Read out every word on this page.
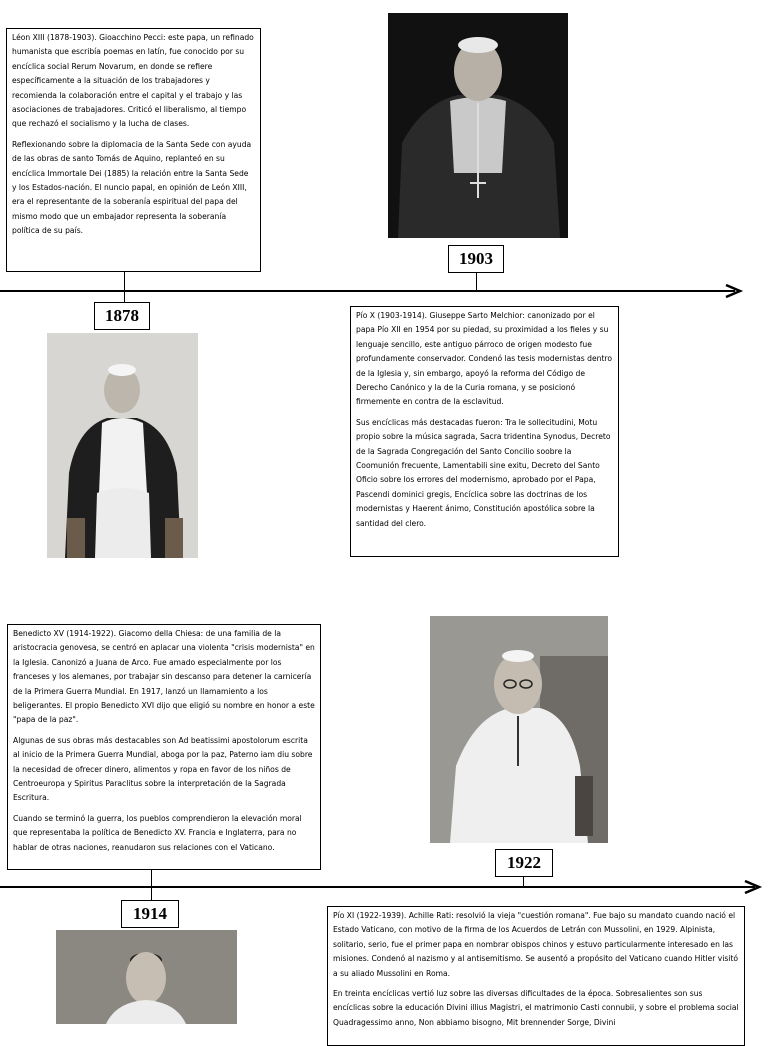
Léon XIII (1878-1903). Gioacchino Pecci: este papa, un refinado humanista que escribía poemas en latín, fue conocido por su encíclica social Rerum Novarum, en donde se refiere específicamente a la situación de los trabajadores y recomienda la colaboración entre el capital y el trabajo y las asociaciones de trabajadores. Criticó el liberalismo, al tiempo que rechazó el socialismo y la lucha de clases.

Reflexionando sobre la diplomacia de la Santa Sede con ayuda de las obras de santo Tomás de Aquino, replanteó en su encíclica Immortale Dei (1885) la relación entre la Santa Sede y los Estados-nación. El nuncio papal, en opinión de León XIII, era el representante de la soberanía espiritual del papa del mismo modo que un embajador representa la soberanía política de su país.

1878
1903

Pío X (1903-1914). Giuseppe Sarto Melchior: canonizado por el papa Pío XII en 1954 por su piedad, su proximidad a los fieles y su lenguaje sencillo, este antiguo párroco de origen modesto fue profundamente conservador. Condenó las tesis modernistas dentro de la Iglesia y, sin embargo, apoyó la reforma del Código de Derecho Canónico y la de la Curia romana, y se posicionó firmemente en contra de la esclavitud.

Sus encíclicas más destacadas fueron: Tra le sollecitudini, Motu propio sobre la música sagrada, Sacra tridentina Synodus, Decreto de la Sagrada Congregación del Santo Concilio soobre la Coomunión frecuente, Lamentabili sine exitu, Decreto del Santo Oficio sobre los errores del modernismo, aprobado por el Papa, Pascendi dominici gregis, Encíclica sobre las doctrinas de los modernistas y Haerent ánimo, Constitución apostólica sobre la santidad del clero.

Benedicto XV (1914-1922). Giacomo della Chiesa: de una familia de la aristocracia genovesa, se centró en aplacar una violenta "crisis modernista" en la Iglesia. Canonizó a Juana de Arco. Fue amado especialmente por los franceses y los alemanes, por trabajar sin descanso para detener la carnicería de la Primera Guerra Mundial. En 1917, lanzó un llamamiento a los beligerantes. El propio Benedicto XVI dijo que eligió su nombre en honor a este "papa de la paz".

Algunas de sus obras más destacables son Ad beatissimi apostolorum escrita al inicio de la Primera Guerra Mundial, aboga por la paz, Paterno iam diu sobre la necesidad de ofrecer dinero, alimentos y ropa en favor de los niños de Centroeuropa y Spiritus Paraclitus sobre la interpretación de la Sagrada Escritura.

Cuando se terminó la guerra, los pueblos comprendieron la elevación moral que representaba la política de Benedicto XV. Francia e Inglaterra, para no hablar de otras naciones, reanudaron sus relaciones con el Vaticano.

1914
1922

Pío XI (1922-1939). Achille Rati: resolvió la vieja "cuestión romana". Fue bajo su mandato cuando nació el Estado Vaticano, con motivo de la firma de los Acuerdos de Letrán con Mussolini, en 1929. Alpinista, solitario, serio, fue el primer papa en nombrar obispos chinos y estuvo particularmente interesado en las misiones. Condenó al nazismo y al antisemitismo. Se ausentó a propósito del Vaticano cuando Hitler visitó a su aliado Mussolini en Roma.

En treinta encíclicas vertió luz sobre las diversas dificultades de la época. Sobresalientes son sus encíclicas sobre la educación Divini illius Magistri, el matrimonio Casti connubii, y sobre el problema social Quadragessimo anno, Non abbiamo bisogno, Mit brennender Sorge, Divini
